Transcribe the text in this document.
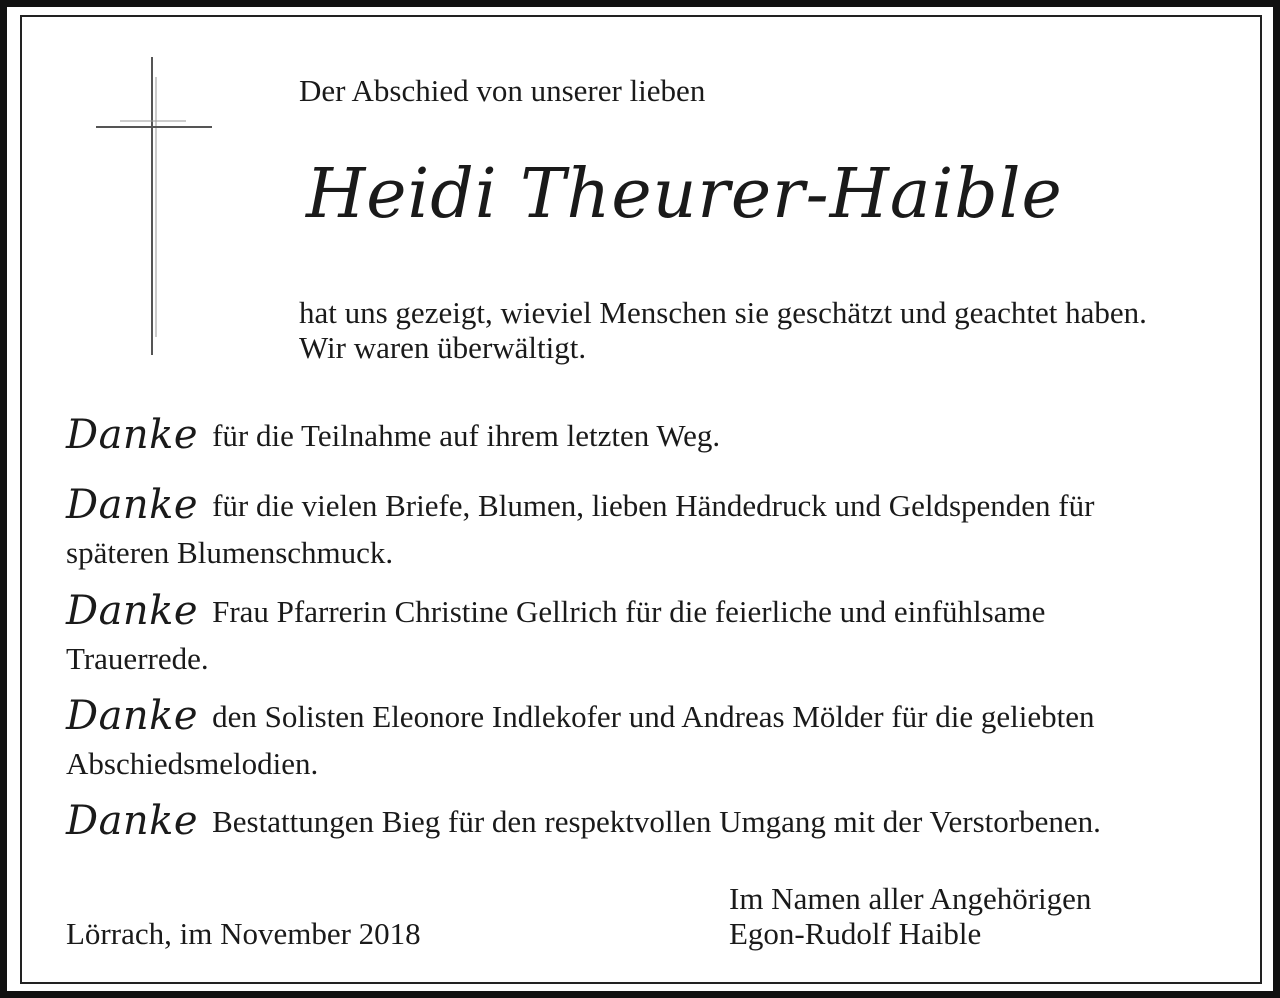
Der Abschied von unserer lieben
Heidi Theurer-Haible
hat uns gezeigt, wieviel Menschen sie geschätzt und geachtet haben.
Wir waren überwältigt.
Danke für die Teilnahme auf ihrem letzten Weg.
Danke für die vielen Briefe, Blumen, lieben Händedruck und Geldspenden für
späteren Blumenschmuck.
Danke Frau Pfarrerin Christine Gellrich für die feierliche und einfühlsame
Trauerrede.
Danke den Solisten Eleonore Indlekofer und Andreas Mölder für die geliebten
Abschiedsmelodien.
Danke Bestattungen Bieg für den respektvollen Umgang mit der Verstorbenen.
Im Namen aller Angehörigen
Egon-Rudolf Haible
Lörrach, im November 2018
